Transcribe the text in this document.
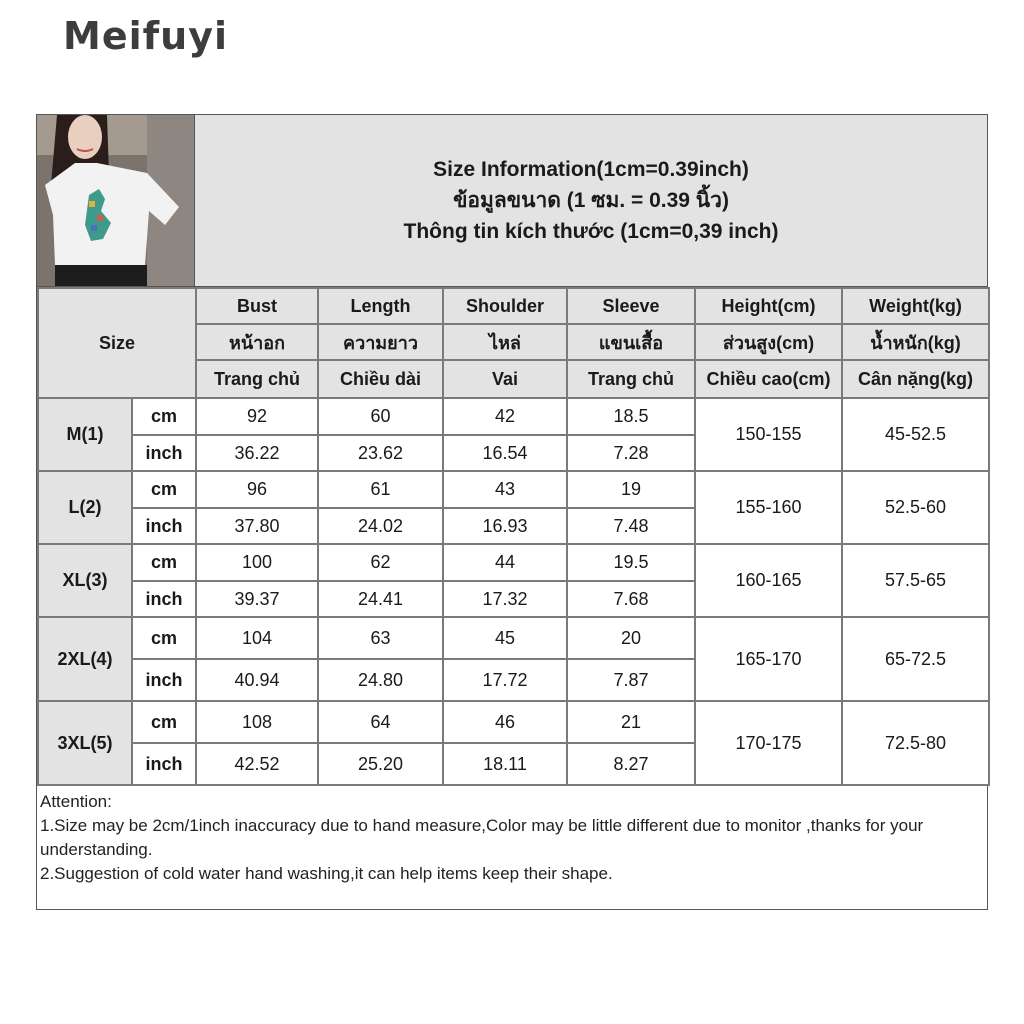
Meifuyi
Size Information(1cm=0.39inch)
ข้อมูลขนาด (1 ซม. = 0.39 นิ้ว)
Thông tin kích thước (1cm=0,39 inch)
Size		Bust	Length	Shoulder	Sleeve	Height(cm)	Weight(kg)
		หน้าอก	ความยาว	ไหล่	แขนเสื้อ	ส่วนสูง(cm)	น้ำหนัก(kg)
		Trang chủ	Chiều dài	Vai	Trang chủ	Chiều cao(cm)	Cân nặng(kg)
M(1)	cm	92	60	42	18.5	150-155	45-52.5
	inch	36.22	23.62	16.54	7.28		
L(2)	cm	96	61	43	19	155-160	52.5-60
	inch	37.80	24.02	16.93	7.48		
XL(3)	cm	100	62	44	19.5	160-165	57.5-65
	inch	39.37	24.41	17.32	7.68		
2XL(4)	cm	104	63	45	20	165-170	65-72.5
	inch	40.94	24.80	17.72	7.87		
3XL(5)	cm	108	64	46	21	170-175	72.5-80
	inch	42.52	25.20	18.11	8.27		
Attention:
1.Size may be 2cm/1inch inaccuracy due to hand measure,Color may be little different due to monitor ,thanks for your understanding.
2.Suggestion of cold water hand washing,it can help items keep their shape.
